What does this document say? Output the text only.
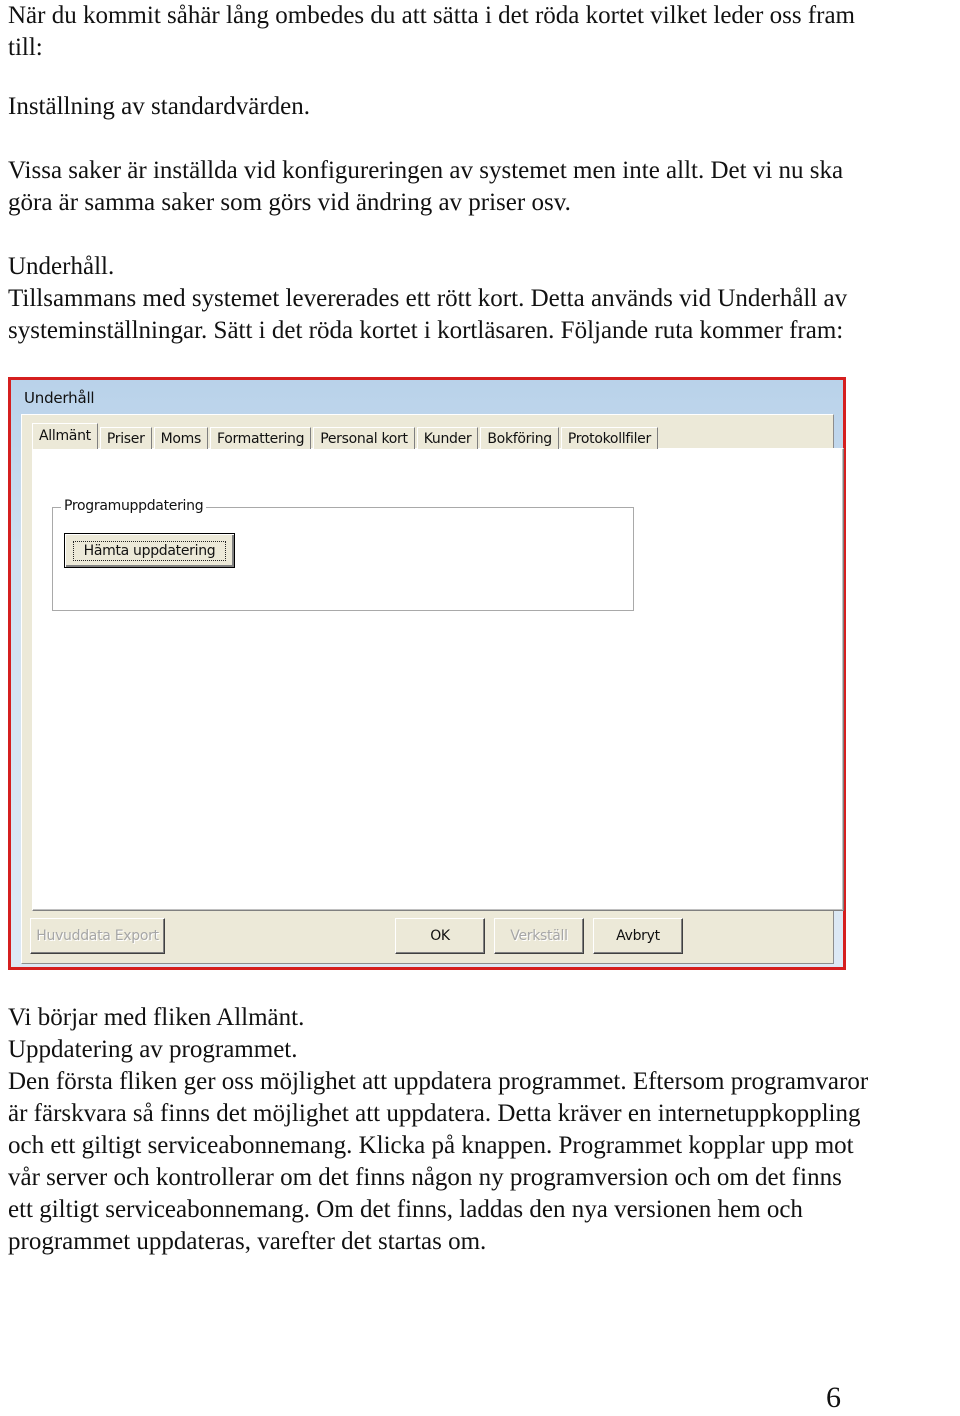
När du kommit såhär lång ombedes du att sätta i det röda kortet vilket leder oss fram
till:

Inställning av standardvärden.

Vissa saker är inställda vid konfigureringen av systemet men inte allt. Det vi nu ska
göra är samma saker som görs vid ändring av priser osv.

Underhåll.
Tillsammans med systemet levererades ett rött kort. Detta används vid Underhåll av
systeminställningar. Sätt i det röda kortet i kortläsaren. Följande ruta kommer fram:

Underhåll
Programuppdatering
Hämta uppdatering
Allmänt	Priser	Moms	Formattering	Personal kort	Kunder	Bokföring	Protokollfiler
Huvuddata Export	OK	Verkställ	Avbryt

Vi börjar med fliken Allmänt.
Uppdatering av programmet.
Den första fliken ger oss möjlighet att uppdatera programmet. Eftersom programvaror
är färskvara så finns det möjlighet att uppdatera. Detta kräver en internetuppkoppling
och ett giltigt serviceabonnemang. Klicka på knappen. Programmet kopplar upp mot
vår server och kontrollerar om det finns någon ny programversion och om det finns
ett giltigt serviceabonnemang. Om det finns, laddas den nya versionen hem och
programmet uppdateras, varefter det startas om.

6
